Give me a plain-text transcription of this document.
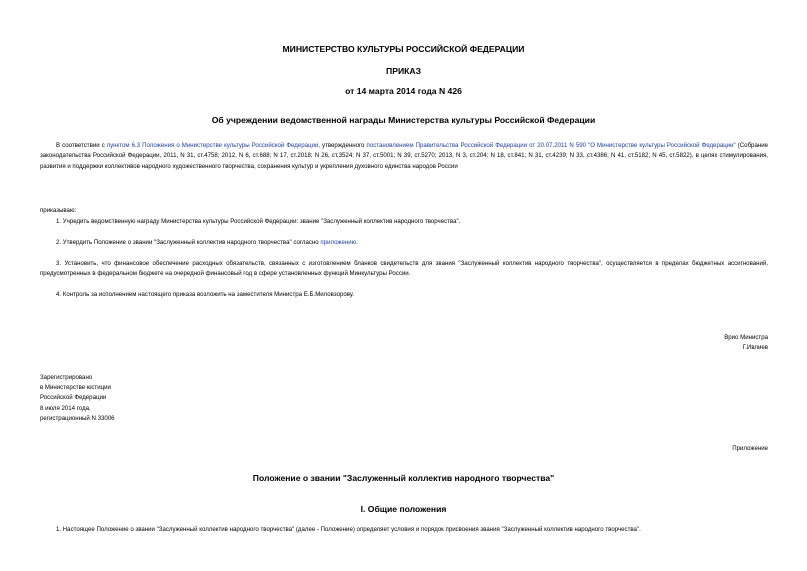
МИНИСТЕРСТВО КУЛЬТУРЫ РОССИЙСКОЙ ФЕДЕРАЦИИ
ПРИКАЗ
от 14 марта 2014 года N 426
Об учреждении ведомственной награды Министерства культуры Российской Федерации
В соответствии с пунктом 6.3 Положения о Министерстве культуры Российской Федерации, утвержденного постановлением Правительства Российской Федерации от 20.07.2011 N 590 "О Министерстве культуры Российской Федерации" (Собрание законодательства Российской Федерации, 2011, N 31, ст.4758; 2012, N 6, ст.688; N 17, ст.2018; N 26, ст.3524; N 37, ст.5001; N 39, ст.5270; 2013, N 3, ст.204; N 18, ст.841; N 31, ст.4239; N 33, ст.4386; N 41, ст.5182; N 45, ст.5822), в целях стимулирования, развития и поддержки коллективов народного художественного творчества, сохранения культур и укрепления духовного единства народов России
приказываю:
1. Учредить ведомственную награду Министерства культуры Российской Федерации: звание "Заслуженный коллектив народного творчества".
2. Утвердить Положение о звании "Заслуженный коллектив народного творчества" согласно приложению.
3. Установить, что финансовое обеспечение расходных обязательств, связанных с изготовлением бланков свидетельств для звания "Заслуженный коллектив народного творчества", осуществляется в пределах бюджетных ассигнований, предусмотренных в федеральном бюджете на очередной финансовый год в сфере установленных функций Минкультуры России.
4. Контроль за исполнением настоящего приказа возложить на заместителя Министра Е.Б.Миловзорову.
Врио Министра
Г.Ивлиев
Зарегистрировано
в Министерстве юстиции
Российской Федерации
8 июля 2014 года,
регистрационный N 33006
Приложение
Положение о звании "Заслуженный коллектив народного творчества"
I. Общие положения
1. Настоящее Положение о звании "Заслуженный коллектив народного творчества" (далее - Положение) определяет условия и порядок присвоения звания "Заслуженный коллектив народного творчества".
